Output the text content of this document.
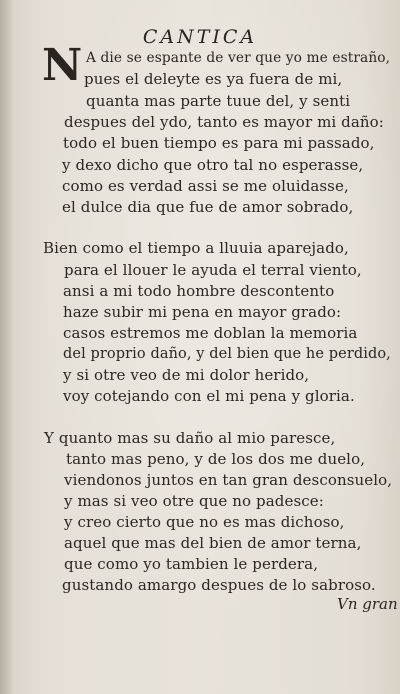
CANTICA
N A die se espante de ver que yo me estraño,
pues el deleyte es ya fuera de mi,
quanta mas parte tuue del, y senti
despues del ydo, tanto es mayor mi daño:
todo el buen tiempo es para mi passado,
y dexo dicho que otro tal no esperasse,
como es verdad assi se me oluidasse,
el dulce dia que fue de amor sobrado,
Bien como el tiempo a lluuia aparejado,
para el llouer le ayuda el terral viento,
ansi a mi todo hombre descontento
haze subir mi pena en mayor grado:
casos estremos me doblan la memoria
del proprio daño, y del bien que he perdido,
y si otre veo de mi dolor herido,
voy cotejando con el mi pena y gloria.
Y quanto mas su daño al mio paresce,
tanto mas peno, y de los dos me duelo,
viendonos juntos en tan gran desconsuelo,
y mas si veo otre que no padesce:
y creo cierto que no es mas dichoso,
aquel que mas del bien de amor terna,
que como yo tambien le perdera,
gustando amargo despues de lo sabroso.
Vn gran
